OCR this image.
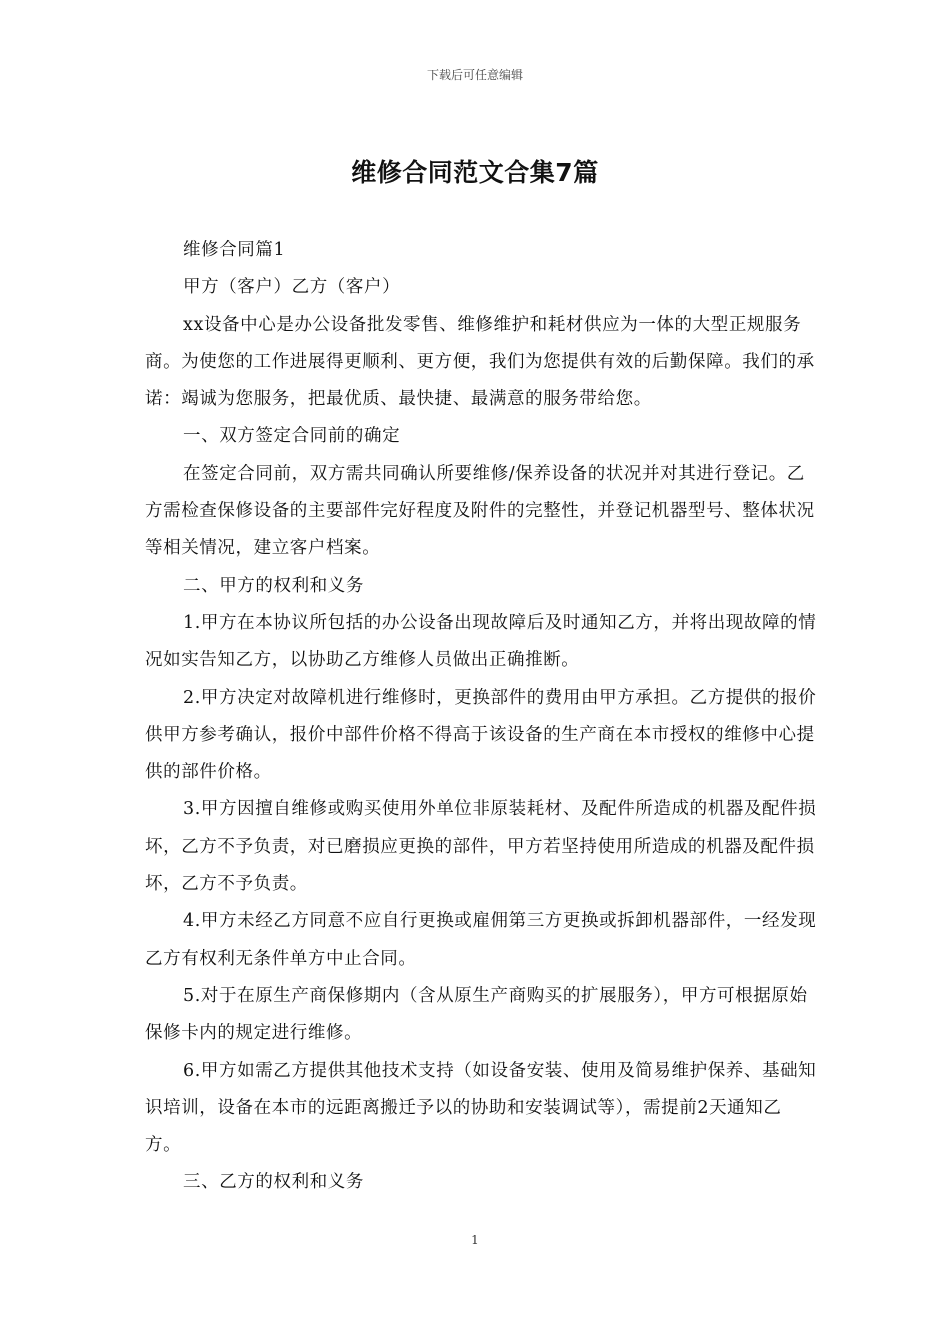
下载后可任意编辑
维修合同范文合集7篇

维修合同篇1

甲方（客户）乙方（客户）

xx设备中心是办公设备批发零售、维修维护和耗材供应为一体的大型正规服务商。为使您的工作进展得更顺利、更方便，我们为您提供有效的后勤保障。我们的承诺：竭诚为您服务，把最优质、最快捷、最满意的服务带给您。

一、双方签定合同前的确定

在签定合同前，双方需共同确认所要维修/保养设备的状况并对其进行登记。乙方需检查保修设备的主要部件完好程度及附件的完整性，并登记机器型号、整体状况等相关情况，建立客户档案。

二、甲方的权利和义务

1.甲方在本协议所包括的办公设备出现故障后及时通知乙方，并将出现故障的情况如实告知乙方，以协助乙方维修人员做出正确推断。

2.甲方决定对故障机进行维修时，更换部件的费用由甲方承担。乙方提供的报价供甲方参考确认，报价中部件价格不得高于该设备的生产商在本市授权的维修中心提供的部件价格。

3.甲方因擅自维修或购买使用外单位非原装耗材、及配件所造成的机器及配件损坏，乙方不予负责，对已磨损应更换的部件，甲方若坚持使用所造成的机器及配件损坏，乙方不予负责。

4.甲方未经乙方同意不应自行更换或雇佣第三方更换或拆卸机器部件，一经发现乙方有权利无条件单方中止合同。

5.对于在原生产商保修期内（含从原生产商购买的扩展服务），甲方可根据原始保修卡内的规定进行维修。

6.甲方如需乙方提供其他技术支持（如设备安装、使用及简易维护保养、基础知识培训，设备在本市的远距离搬迁予以的协助和安装调试等），需提前2天通知乙方。

三、乙方的权利和义务

1
